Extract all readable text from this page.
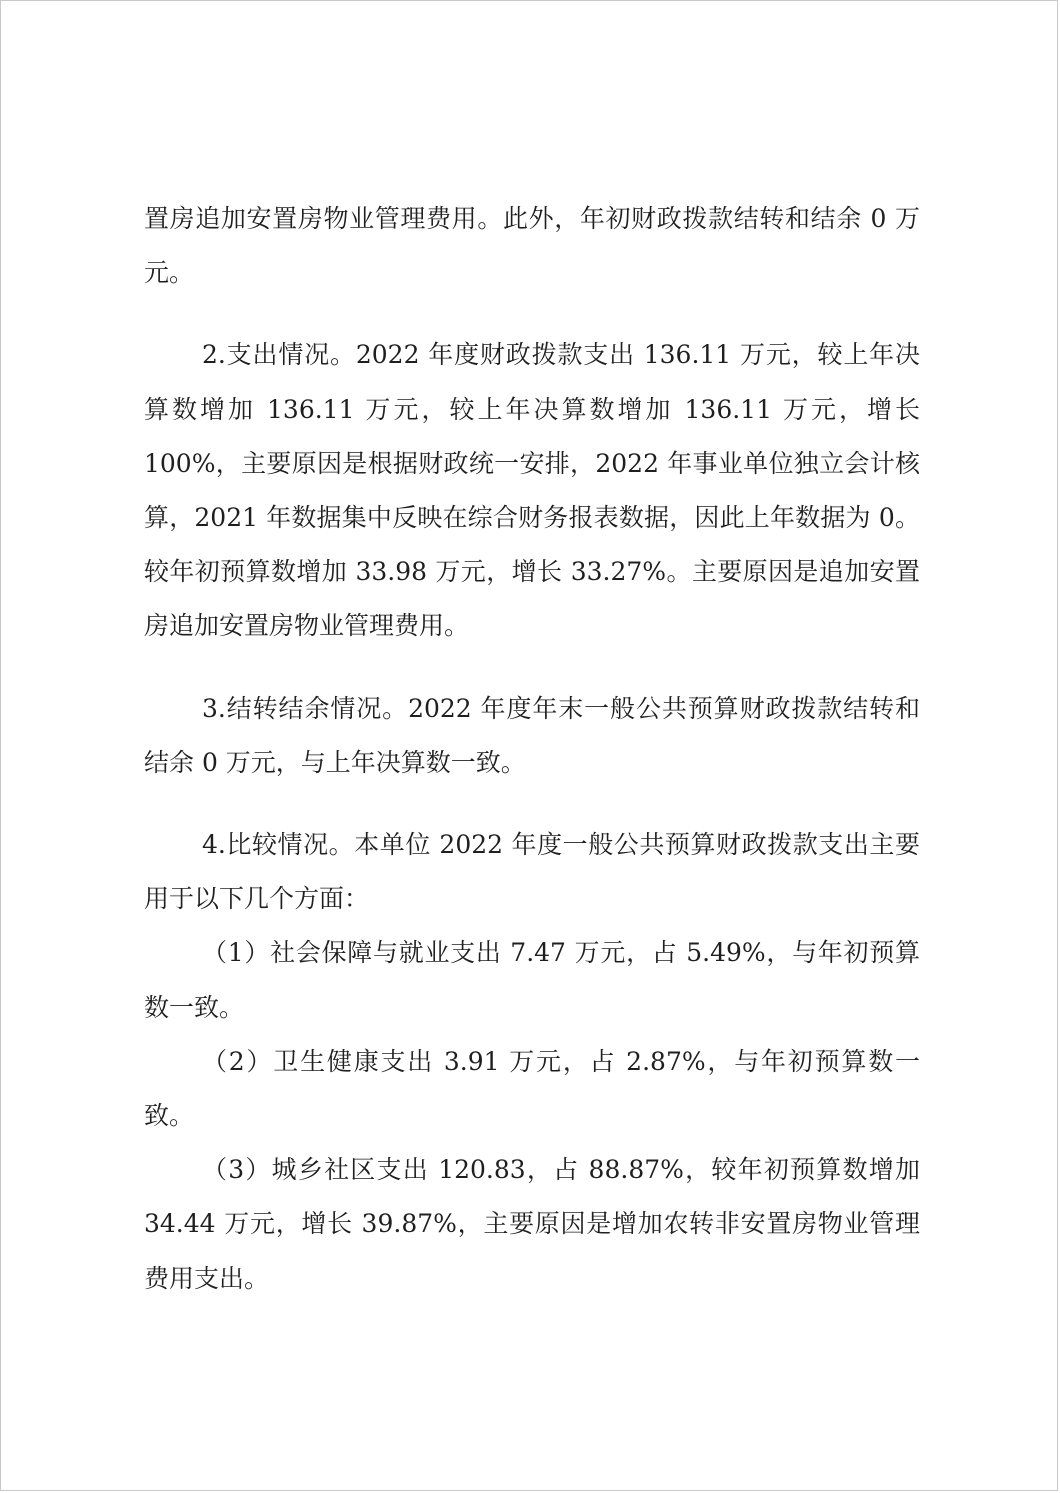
置房追加安置房物业管理费用。此外，年初财政拨款结转和结余 0 万元。

2.支出情况。2022 年度财政拨款支出 136.11 万元，较上年决算数增加 136.11 万元，较上年决算数增加 136.11 万元，增长 100%，主要原因是根据财政统一安排，2022 年事业单位独立会计核算，2021 年数据集中反映在综合财务报表数据，因此上年数据为 0。较年初预算数增加 33.98 万元，增长 33.27%。主要原因是追加安置房追加安置房物业管理费用。

3.结转结余情况。2022 年度年末一般公共预算财政拨款结转和结余 0 万元，与上年决算数一致。

4.比较情况。本单位 2022 年度一般公共预算财政拨款支出主要用于以下几个方面：

（1）社会保障与就业支出 7.47 万元，占 5.49%，与年初预算数一致。

（2）卫生健康支出 3.91 万元，占 2.87%，与年初预算数一致。

（3）城乡社区支出 120.83，占 88.87%，较年初预算数增加 34.44 万元，增长 39.87%，主要原因是增加农转非安置房物业管理费用支出。
